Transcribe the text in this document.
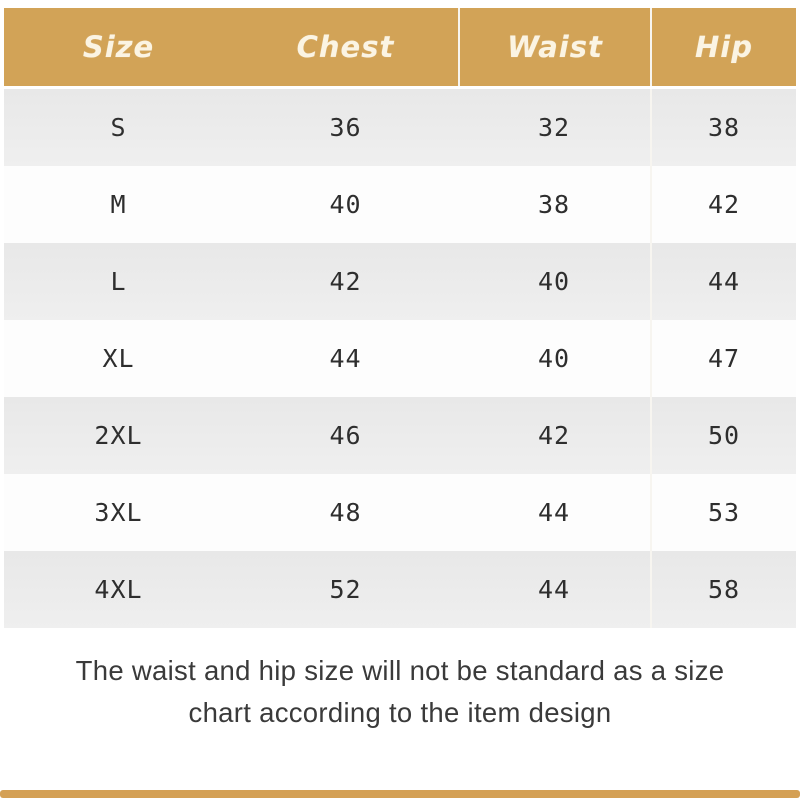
Size	Chest	Waist	Hip
S	36	32	38
M	40	38	42
L	42	40	44
XL	44	40	47
2XL	46	42	50
3XL	48	44	53
4XL	52	44	58
The waist and hip size will not be standard as a size
chart according to the item design
